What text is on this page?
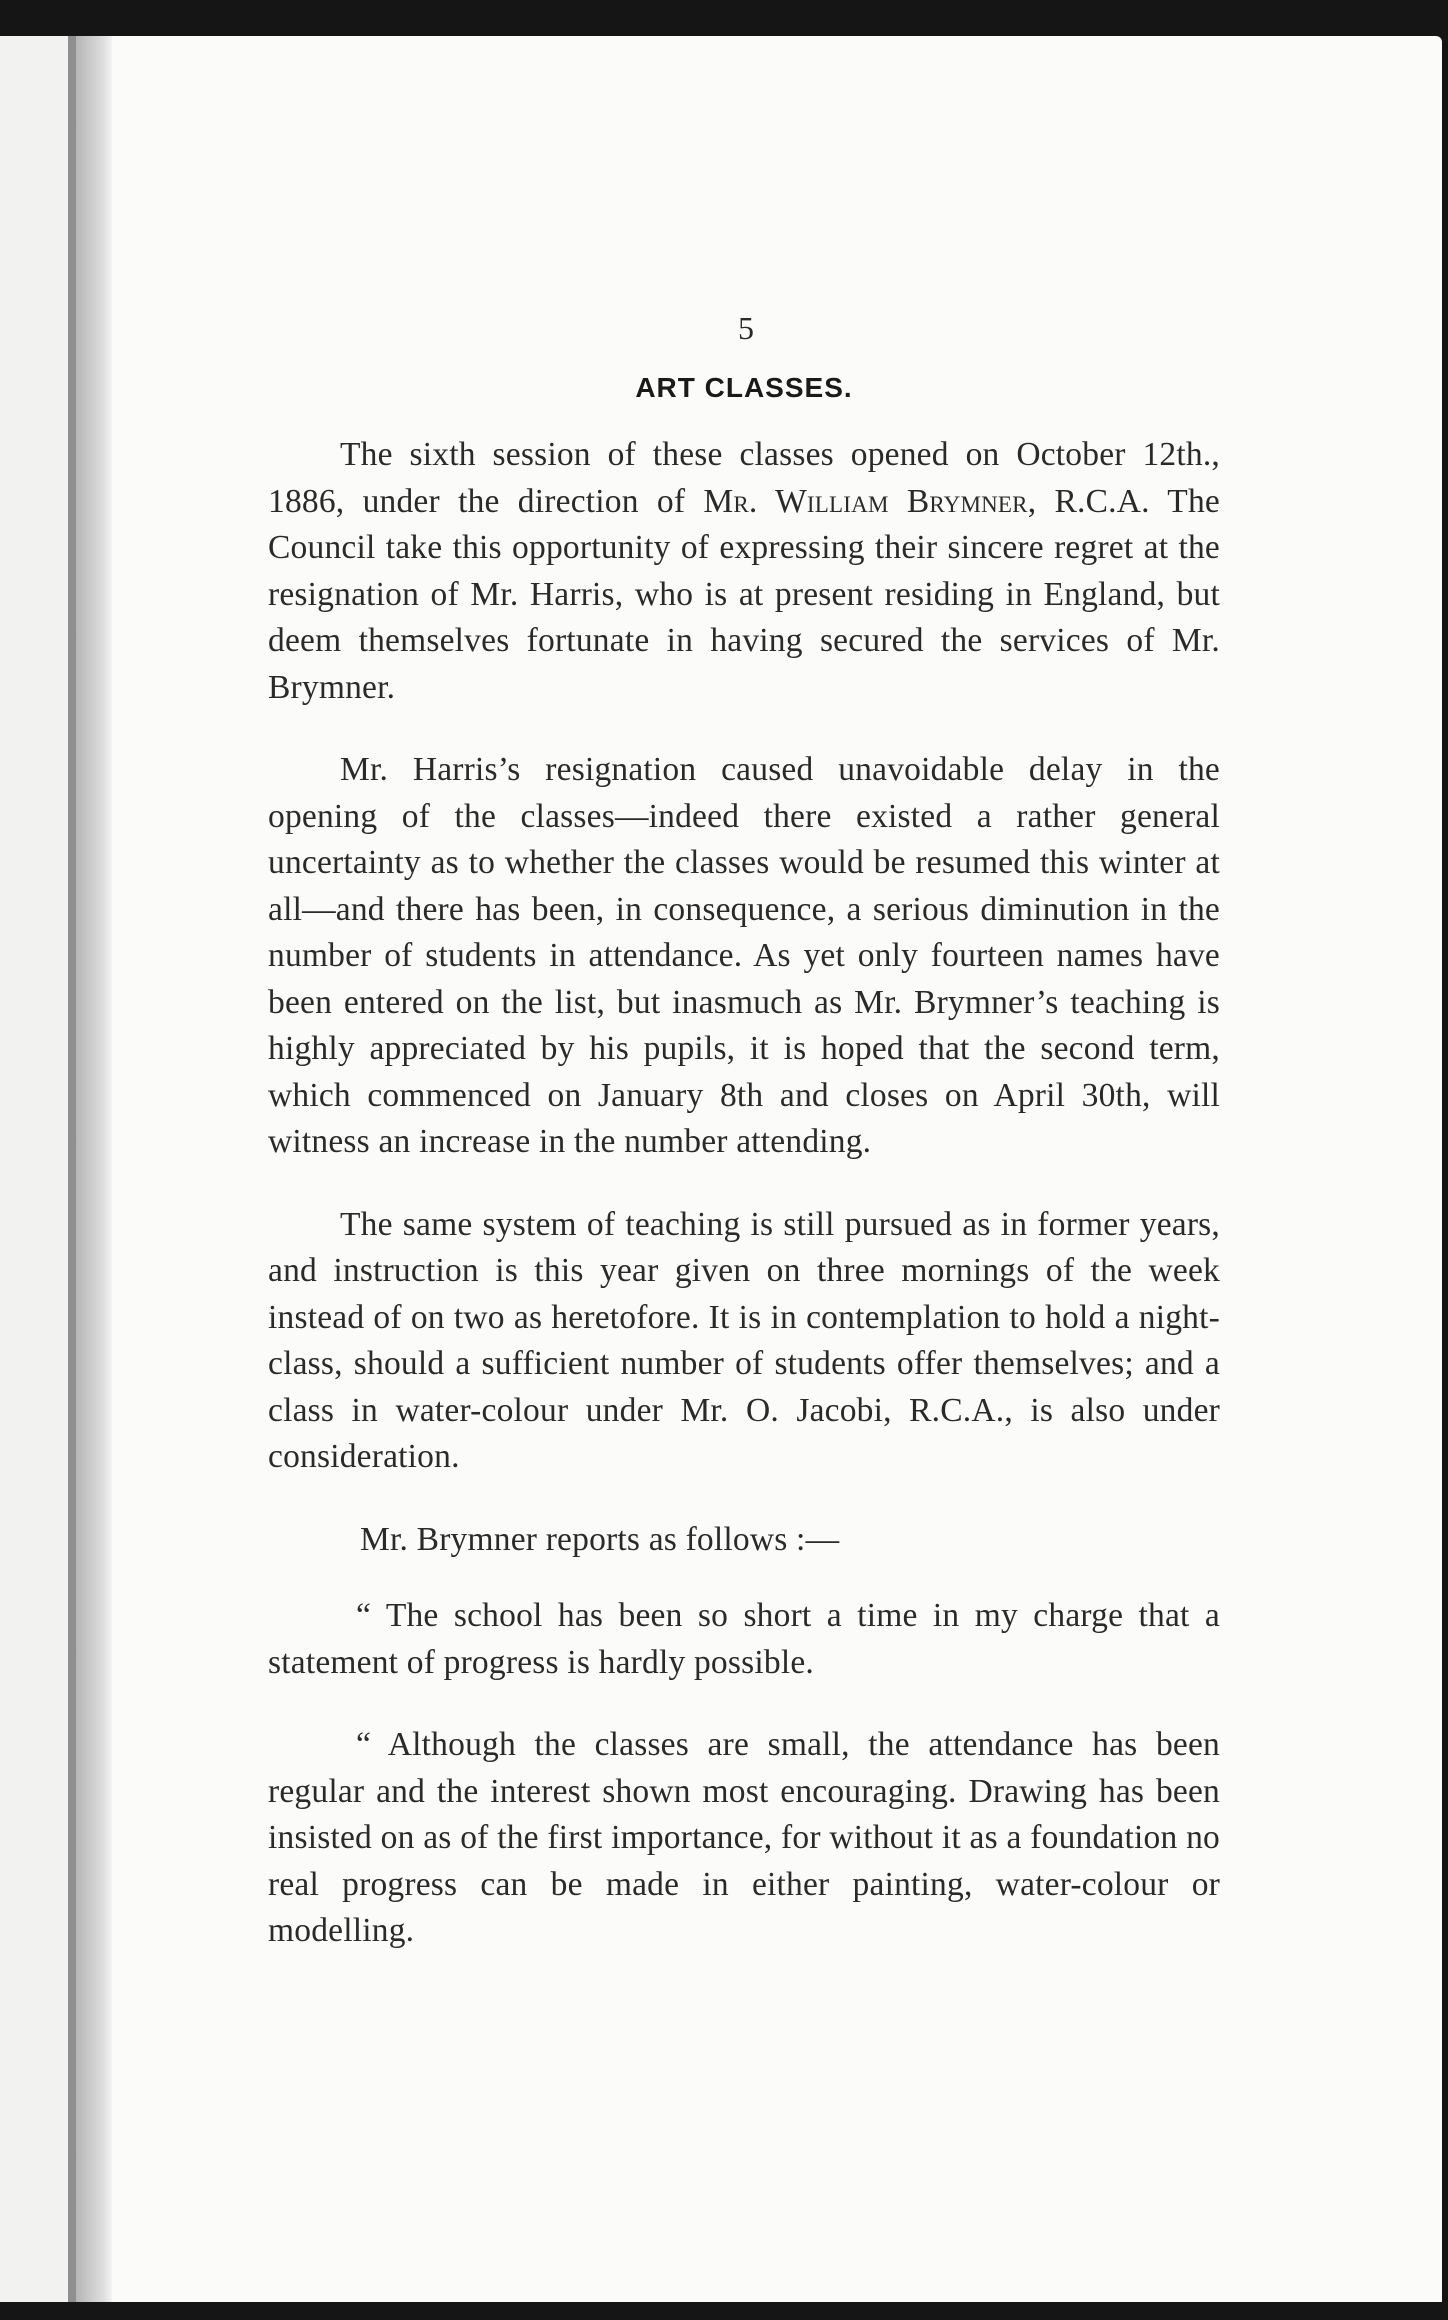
5
ART CLASSES.

The sixth session of these classes opened on October 12th., 1886, under the direction of Mr. William Brymner, R.C.A. The Council take this opportunity of expressing their sincere regret at the resignation of Mr. Harris, who is at present residing in England, but deem themselves fortunate in having secured the services of Mr. Brymner.

Mr. Harris’s resignation caused unavoidable delay in the opening of the classes—indeed there existed a rather general uncertainty as to whether the classes would be resumed this winter at all—and there has been, in consequence, a serious diminution in the number of students in attendance. As yet only fourteen names have been entered on the list, but inasmuch as Mr. Brymner’s teaching is highly appreciated by his pupils, it is hoped that the second term, which commenced on January 8th and closes on April 30th, will witness an increase in the number attending.

The same system of teaching is still pursued as in former years, and instruction is this year given on three mornings of the week instead of on two as heretofore. It is in contemplation to hold a night-class, should a sufficient number of students offer themselves; and a class in water-colour under Mr. O. Jacobi, R.C.A., is also under consideration.

Mr. Brymner reports as follows :—

“ The school has been so short a time in my charge that a statement of progress is hardly possible.

“ Although the classes are small, the attendance has been regular and the interest shown most encouraging. Drawing has been insisted on as of the first importance, for without it as a foundation no real progress can be made in either painting, water-colour or modelling.
